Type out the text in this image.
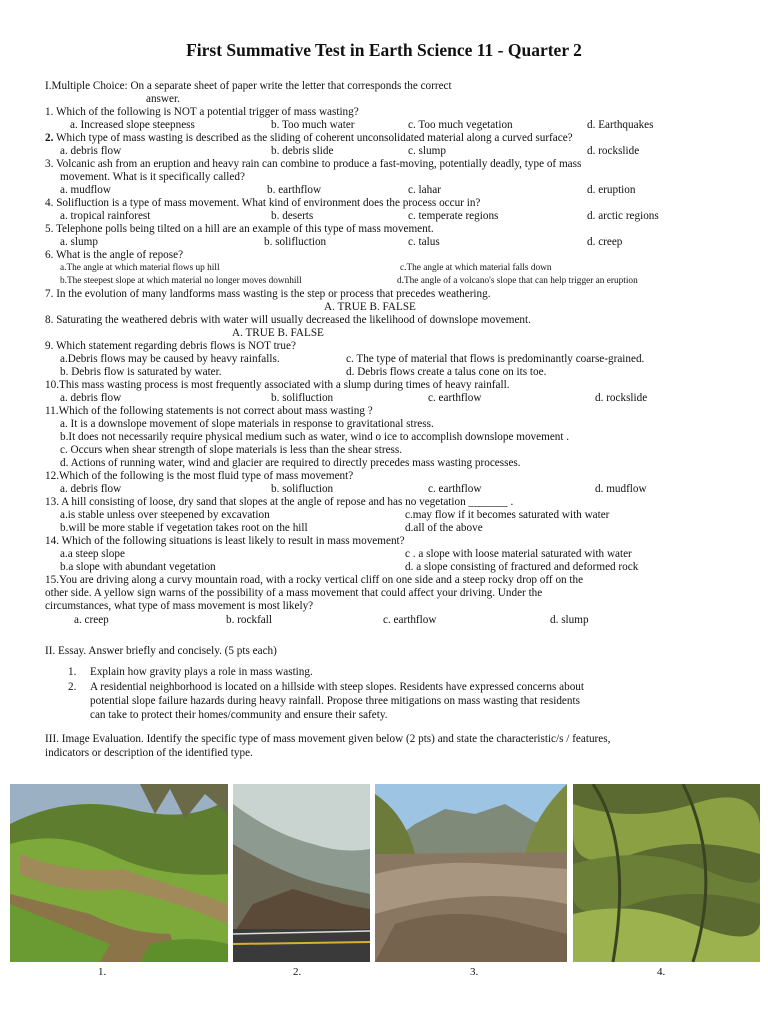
First Summative Test in Earth Science 11 - Quarter 2
I.Multiple Choice: On a separate sheet of paper write the letter that corresponds the correct
answer.
1. Which of the following is NOT a potential trigger of mass wasting?
a. Increased slope steepness	b. Too much water	c. Too much vegetation	d. Earthquakes
2. Which type of mass wasting is described as the sliding of coherent unconsolidated material along a curved surface?
a. debris flow	b. debris slide	c. slump	d. rockslide
3. Volcanic ash from an eruption and heavy rain can combine to produce a fast-moving, potentially deadly, type of mass
movement. What is it specifically called?
a. mudflow	b. earthflow	c. lahar	d. eruption
4. Solifluction is a type of mass movement. What kind of environment does the process occur in?
a. tropical rainforest	b. deserts	c. temperate regions	d. arctic regions
5. Telephone polls being tilted on a hill are an example of this type of mass movement.
a. slump	b. solifluction	c. talus	d. creep
6. What is the angle of repose?
a.The angle at which material flows up hill	c.The angle at which material falls down
b.The steepest slope at which material no longer moves downhill	d.The angle of a volcano's slope that can help trigger an eruption
7. In the evolution of many landforms mass wasting is the step or process that precedes weathering.
A. TRUE B. FALSE
8. Saturating the weathered debris with water will usually decreased the likelihood of downslope movement.
A. TRUE B. FALSE
9. Which statement regarding debris flows is NOT true?
a.Debris flows may be caused by heavy rainfalls.	c. The type of material that flows is predominantly coarse-grained.
b. Debris flow is saturated by water.	d. Debris flows create a talus cone on its toe.
10.This mass wasting process is most frequently associated with a slump during times of heavy rainfall.
a. debris flow	b. solifluction	c. earthflow	d. rockslide
11.Which of the following statements is not correct about mass wasting ?
a. It is a downslope movement of slope materials in response to gravitational stress.
b.It does not necessarily require physical medium such as water, wind o ice to accomplish downslope movement .
c. Occurs when shear strength of slope materials is less than the shear stress.
d. Actions of running water, wind and glacier are required to directly precedes mass wasting processes.
12.Which of the following is the most fluid type of mass movement?
a. debris flow	b. solifluction	c. earthflow	d. mudflow
13. A hill consisting of loose, dry sand that slopes at the angle of repose and has no vegetation _______ .
a.is stable unless over steepened by excavation	c.may flow if it becomes saturated with water
b.will be more stable if vegetation takes root on the hill	d.all of the above
14. Which of the following situations is least likely to result in mass movement?
a.a steep slope	c . a slope with loose material saturated with water
b.a slope with abundant vegetation	d. a slope consisting of fractured and deformed rock
15.You are driving along a curvy mountain road, with a rocky vertical cliff on one side and a steep rocky drop off on the
other side. A yellow sign warns of the possibility of a mass movement that could affect your driving. Under the
circumstances, what type of mass movement is most likely?
a. creep	b. rockfall	c. earthflow	d. slump
II. Essay. Answer briefly and concisely. (5 pts each)
1. Explain how gravity plays a role in mass wasting.
2. A residential neighborhood is located on a hillside with steep slopes. Residents have expressed concerns about
potential slope failure hazards during heavy rainfall. Propose three mitigations on mass wasting that residents
can take to protect their homes/community and ensure their safety.
III. Image Evaluation. Identify the specific type of mass movement given below (2 pts) and state the characteristic/s / features,
indicators or description of the identified type.
1.	2.	3.	4.
